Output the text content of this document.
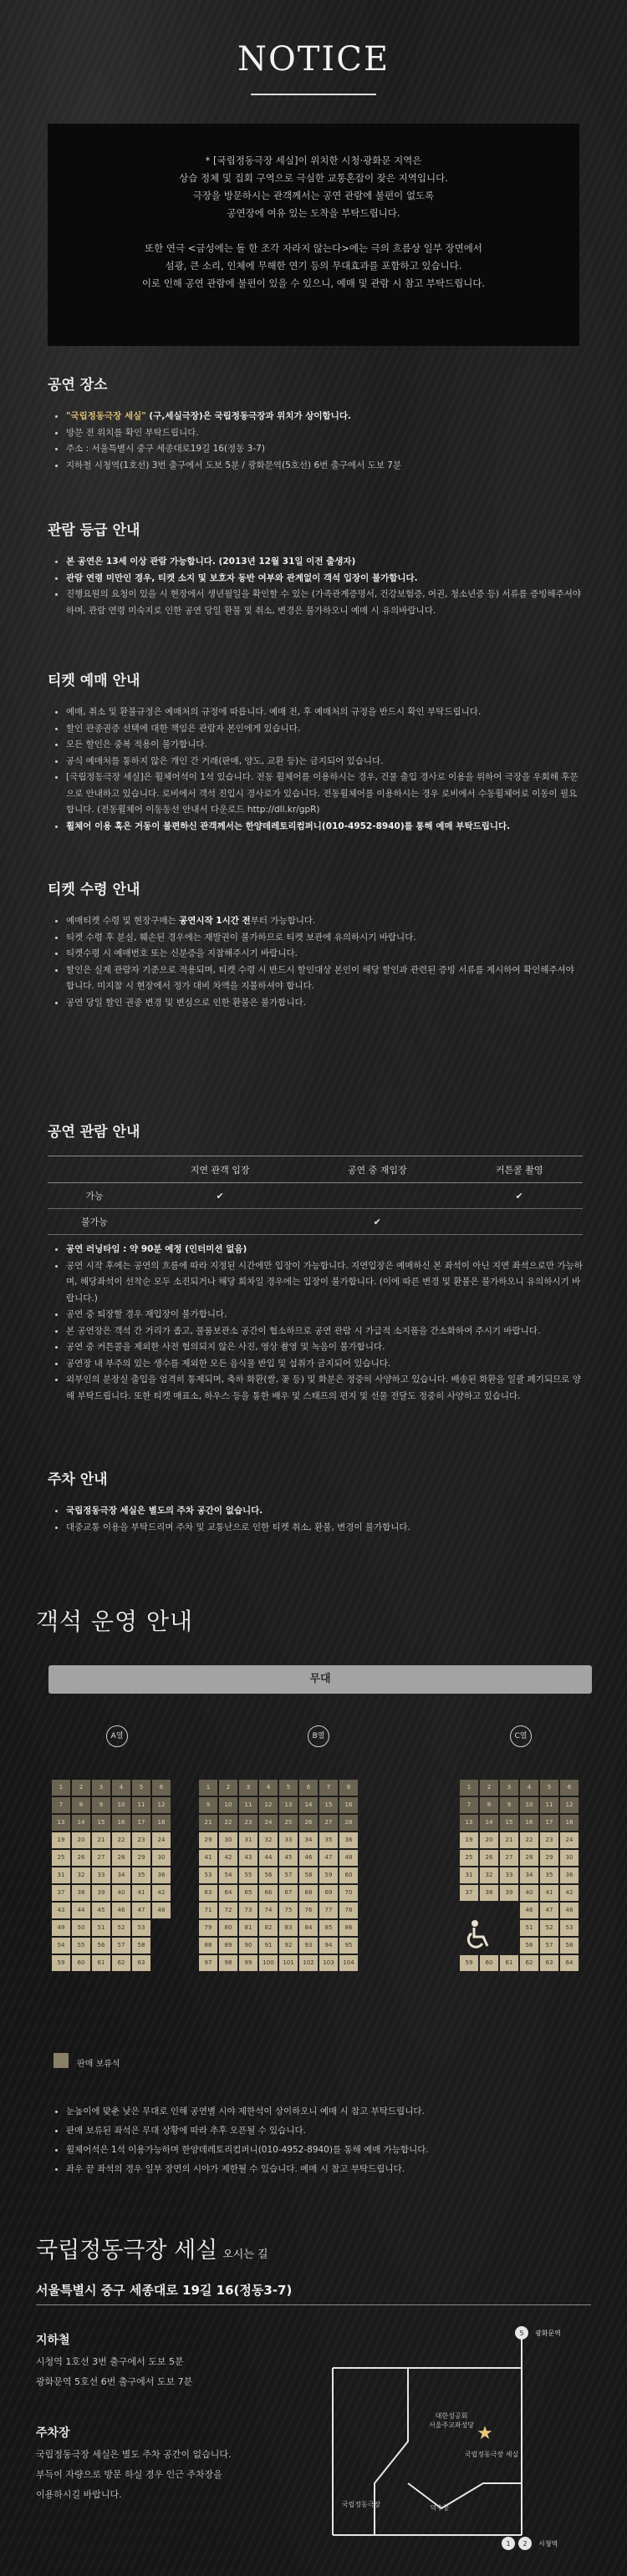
NOTICE

* [국립정동극장 세실]이 위치한 시청·광화문 지역은

상습 정체 및 집회 구역으로 극심한 교통혼잡이 잦은 지역입니다.

극장을 방문하시는 관객께서는 공연 관람에 불편이 없도록

공연장에 여유 있는 도착을 부탁드립니다.

또한 연극 <금성에는 돌 한 조각 자라지 않는다>에는 극의 흐름상 일부 장면에서

섬광, 큰 소리, 인체에 무해한 연기 등의 무대효과를 포함하고 있습니다.

이로 인해 공연 관람에 불편이 있을 수 있으니, 예매 및 관람 시 참고 부탁드립니다.

공연 장소
"국립정동극장 세실" (구,세실극장)은 국립정동극장과 위치가 상이합니다.
방문 전 위치를 확인 부탁드립니다.
주소 : 서울특별시 중구 세종대로19길 16(정동 3-7)
지하철 시청역(1호선) 3번 출구에서 도보 5분 / 광화문역(5호선) 6번 출구에서 도보 7분
관람 등급 안내
본 공연은 13세 이상 관람 가능합니다. (2013년 12월 31일 이전 출생자)
관람 연령 미만인 경우, 티켓 소지 및 보호자 동반 여부와 관계없이 객석 입장이 불가합니다.
진행요원의 요청이 있을 시 현장에서 생년월일을 확인할 수 있는 (가족관계증명서, 건강보험증, 여권, 청소년증 등) 서류를 증빙해주셔야 하며, 관람 연령 미숙지로 인한 공연 당일 환불 및 취소, 변경은 불가하오니 예매 시 유의바랍니다.
티켓 예매 안내
예매, 취소 및 환불규정은 예매처의 규정에 따릅니다. 예매 전, 후 예매처의 규정을 반드시 확인 부탁드립니다.
할인 관종권증 선택에 대한 책임은 관람자 본인에게 있습니다.
모든 할인은 중복 적용이 불가합니다.
공식 예매처를 통하지 않은 개인 간 거래(판매, 양도, 교환 등)는 금지되어 있습니다.
[국립정동극장 세실]은 휠체어석이 1석 있습니다. 전동 휠체어를 이용하시는 경우, 건물 출입 경사로 이용을 위하여 극장을 우회해 후문으로 안내하고 있습니다. 로비에서 객석 진입시 경사로가 있습니다. 전동휠체어를 이용하시는 경우 로비에서 수동휠체어로 이동이 필요합니다. (전동휠체어 이동동선 안내서 다운로드 http://dll.kr/gpR)
휠체어 이용 혹은 거동이 불편하신 관객께서는 한양데레토리컴퍼니(010-4952-8940)를 통해 예매 부탁드립니다.
티켓 수령 안내
예매티켓 수령 및 현장구매는 공연시작 1시간 전부터 가능합니다.
티켓 수령 후 분실, 훼손된 경우에는 재발권이 불가하므로 티켓 보관에 유의하시기 바랍니다.
티켓수령 시 예매번호 또는 신분증을 지참해주시기 바랍니다.
할인은 실제 관람자 기준으로 적용되며, 티켓 수령 시 반드시 할인대상 본인이 해당 할인과 관련된 증빙 서류를 제시하여 확인해주셔야 합니다. 미지참 시 현장에서 정가 대비 차액을 지불하셔야 합니다.
공연 당일 할인 권종 변경 및 변심으로 인한 환불은 불가합니다.
공연 관람 안내
	지연 관객 입장	공연 중 재입장	커튼콜 촬영
가능	✔		✔
불가능		✔	
공연 러닝타임 : 약 90분 예정 (인터미션 없음)
공연 시작 후에는 공연의 흐름에 따라 지정된 시간에만 입장이 가능합니다. 지연입장은 예매하신 본 좌석이 아닌 지연 좌석으로만 가능하며, 해당좌석이 선착순 모두 소진되거나 해당 회차일 경우에는 입장이 불가합니다. (이에 따른 변경 및 환불은 불가하오니 유의하시기 바랍니다.)
공연 중 퇴장할 경우 재입장이 불가합니다.
본 공연장은 객석 간 거리가 좁고, 물품보관소 공간이 협소하므로 공연 관람 시 가급적 소지품을 간소화하여 주시기 바랍니다.
공연 중 커튼콜을 제외한 사전 협의되지 않은 사진, 영상 촬영 및 녹음이 불가합니다.
공연장 내 부주의 있는 생수를 제외한 모든 음식물 반입 및 섭취가 금지되어 있습니다.
외부인의 분장실 출입을 엄격히 통제되며, 축하 화환(쌀, 꽃 등) 및 화분은 정중히 사양하고 있습니다. 배송된 화환을 일괄 폐기되므로 양해 부탁드립니다. 또한 티켓 매표소, 하우스 등을 통한 배우 및 스태프의 편지 및 선물 전달도 정중히 사양하고 있습니다.
주차 안내
국립정동극장 세실은 별도의 주차 공간이 없습니다.
대중교통 이용을 부탁드리며 주차 및 교통난으로 인한 티켓 취소, 환불, 변경이 불가합니다.
객석 운영 안내
무대
A열	B열	C열
1	2	3	4	5	6
7	8	9	10	11	12
13	14	15	16	17	18
19	20	21	22	23	24
25	26	27	28	29	30
31	32	33	34	35	36
37	38	39	40	41	42
43	44	45	46	47	48
49	50	51	52	53
54	55	56	57	58
59	60	61	62	63
1	2	3	4	5	6	7	8
9	10	11	12	13	14	15	16
21	22	23	24	25	26	27	28
29	30	31	32	33	34	35	36
41	42	43	44	45	46	47	48
53	54	55	56	57	58	59	60
63	64	65	66	67	68	69	70
71	72	73	74	75	76	77	78
79	80	81	82	83	84	85	86
88	89	90	91	92	93	94	95
97	98	99	100	101	102	103	104
1	2	3	4	5	6
7	8	9	10	11	12
13	14	15	16	17	18
19	20	21	22	23	24
25	26	27	28	29	30
31	32	33	34	35	36
37	38	39	40	41	42
46	47	48
51	52	53
56	57	58
59	60	61	62	63	64
판매 보류석
눈높이에 맞춘 낮은 무대로 인해 공연별 시야 제한석이 상이하오니 예매 시 참고 부탁드립니다.
판매 보류된 좌석은 무대 상황에 따라 추후 오픈될 수 있습니다.
휠체어석은 1석 이용가능하며 한양데레토리컴퍼니(010-4952-8940)를 통해 예매 가능합니다.
좌우 끝 좌석의 경우 일부 장면의 시야가 제한될 수 있습니다. 예매 시 참고 부탁드립니다.
국립정동극장 세실 오시는 길
서울특별시 중구 세종대로 19길 16(정동3-7)
지하철
시청역 1호선 3번 출구에서 도보 5분
광화문역 5호선 6번 출구에서 도보 7분
주차장
국립정동극장 세실은 별도 주차 공간이 없습니다.
부득이 자량으로 방문 하실 경우 인근 주차장을
이용하시길 바랍니다.
5 광화문역
대한성공회
서울주교좌성당 ★
국립정동극장 세실
국립정동극장	덕수궁
1 2 시청역
